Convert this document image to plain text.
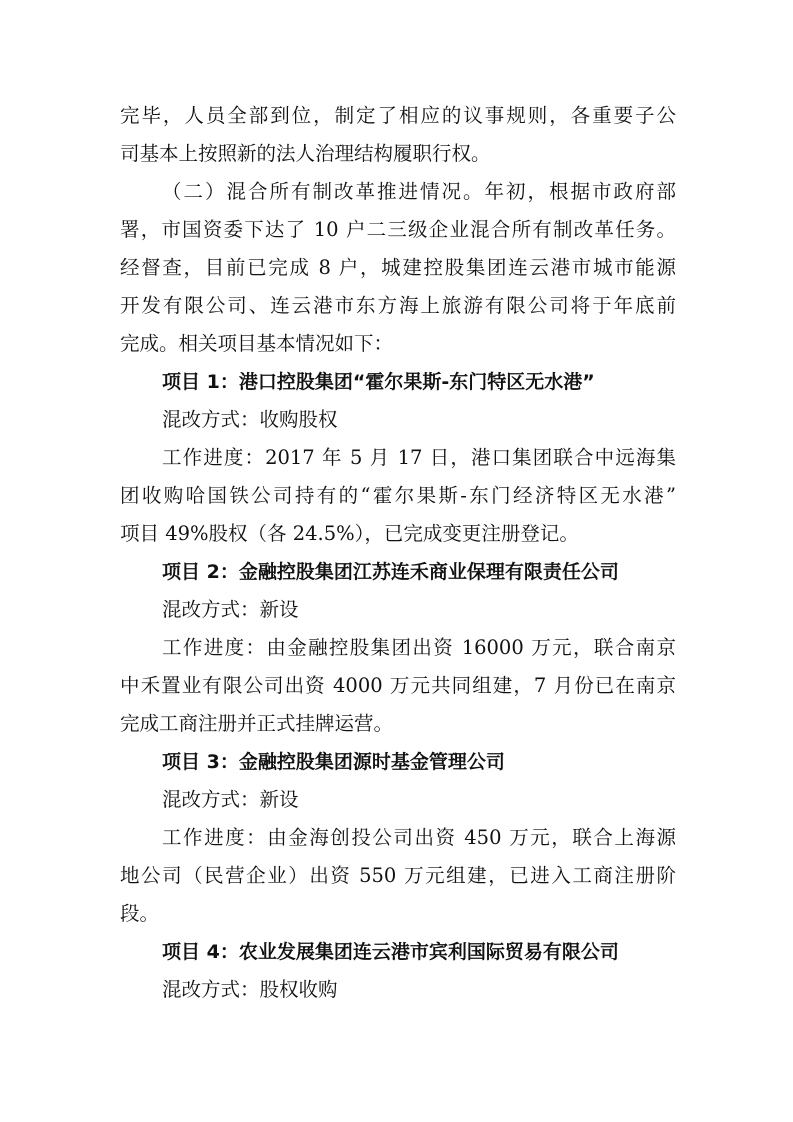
完毕，人员全部到位，制定了相应的议事规则，各重要子公
司基本上按照新的法人治理结构履职行权。
（二）混合所有制改革推进情况。年初，根据市政府部
署，市国资委下达了 10 户二三级企业混合所有制改革任务。
经督查，目前已完成 8 户，城建控股集团连云港市城市能源
开发有限公司、连云港市东方海上旅游有限公司将于年底前
完成。相关项目基本情况如下：
项目 1：港口控股集团“霍尔果斯-东门特区无水港”
混改方式：收购股权
工作进度：2017 年 5 月 17 日，港口集团联合中远海集
团收购哈国铁公司持有的“霍尔果斯-东门经济特区无水港”
项目 49%股权（各 24.5%），已完成变更注册登记。
项目 2：金融控股集团江苏连禾商业保理有限责任公司
混改方式：新设
工作进度：由金融控股集团出资 16000 万元，联合南京
中禾置业有限公司出资 4000 万元共同组建，7 月份已在南京
完成工商注册并正式挂牌运营。
项目 3：金融控股集团源时基金管理公司
混改方式：新设
工作进度：由金海创投公司出资 450 万元，联合上海源
地公司（民营企业）出资 550 万元组建，已进入工商注册阶
段。
项目 4：农业发展集团连云港市宾利国际贸易有限公司
混改方式：股权收购
